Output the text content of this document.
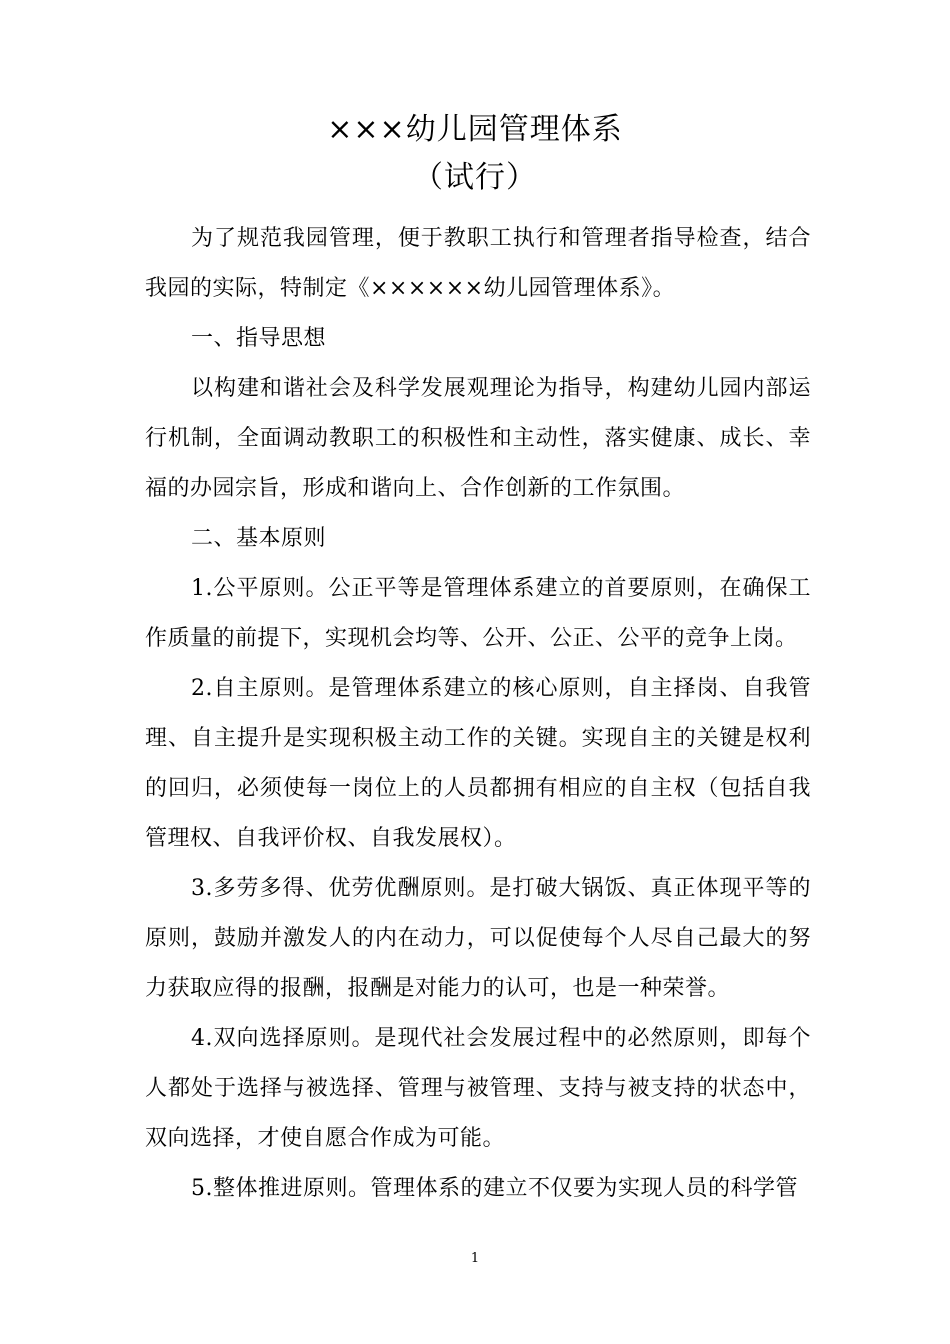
×××幼儿园管理体系
（试行）

为了规范我园管理，便于教职工执行和管理者指导检查，结合我园的实际，特制定《××××××幼儿园管理体系》。

一、指导思想

以构建和谐社会及科学发展观理论为指导，构建幼儿园内部运行机制，全面调动教职工的积极性和主动性，落实健康、成长、幸福的办园宗旨，形成和谐向上、合作创新的工作氛围。

二、基本原则

1.公平原则。公正平等是管理体系建立的首要原则，在确保工作质量的前提下，实现机会均等、公开、公正、公平的竞争上岗。

2.自主原则。是管理体系建立的核心原则，自主择岗、自我管理、自主提升是实现积极主动工作的关键。实现自主的关键是权利的回归，必须使每一岗位上的人员都拥有相应的自主权（包括自我管理权、自我评价权、自我发展权）。

3.多劳多得、优劳优酬原则。是打破大锅饭、真正体现平等的原则，鼓励并激发人的内在动力，可以促使每个人尽自己最大的努力获取应得的报酬，报酬是对能力的认可，也是一种荣誉。

4.双向选择原则。是现代社会发展过程中的必然原则，即每个人都处于选择与被选择、管理与被管理、支持与被支持的状态中，双向选择，才使自愿合作成为可能。

5.整体推进原则。管理体系的建立不仅要为实现人员的科学管

1
